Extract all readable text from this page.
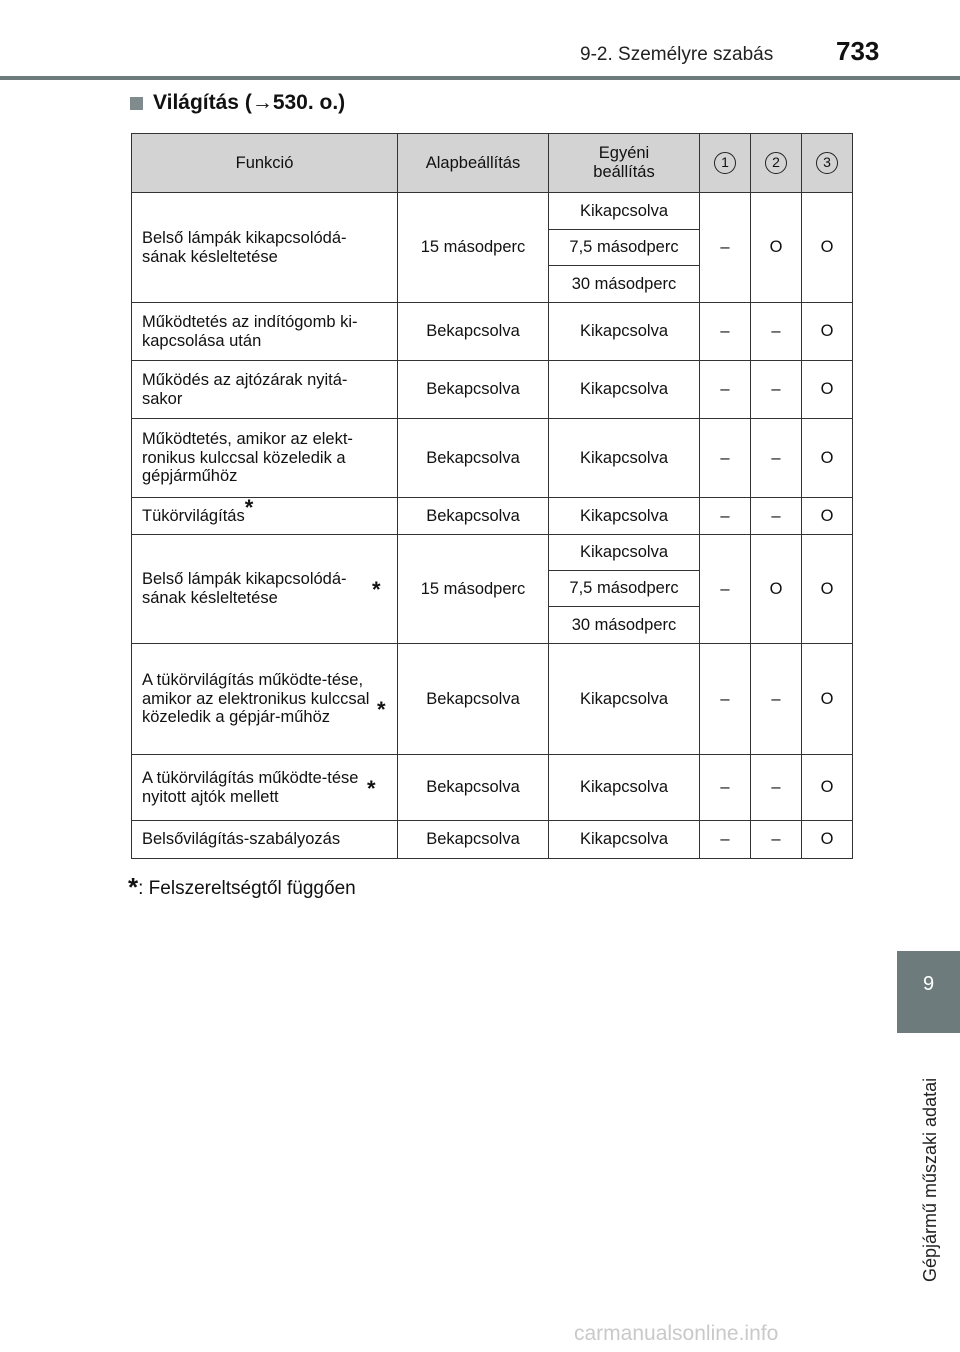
9-2. Személyre szabás 733
Világítás (→530. o.)
Funkció	Alapbeállítás	Egyéni beállítás	1	2	3
Belső lámpák kikapcsolódá-sának késleltetése	15 másodperc	Kikapcsolva	–	O	O
		7,5 másodperc			
		30 másodperc			
Működtetés az indítógomb ki-kapcsolása után	Bekapcsolva	Kikapcsolva	–	–	O
Működés az ajtózárak nyitá-sakor	Bekapcsolva	Kikapcsolva	–	–	O
Működtetés, amikor az elekt-ronikus kulccsal közeledik a gépjárműhöz	Bekapcsolva	Kikapcsolva	–	–	O
Tükörvilágítás*	Bekapcsolva	Kikapcsolva	–	–	O
Belső lámpák kikapcsolódá-sának késleltetése *	15 másodperc	Kikapcsolva	–	O	O
		7,5 másodperc			
		30 másodperc			
A tükörvilágítás működte-tése, amikor az elektronikus kulccsal közeledik a gépjár-műhöz *	Bekapcsolva	Kikapcsolva	–	–	O
A tükörvilágítás működte-tése nyitott ajtók mellett *	Bekapcsolva	Kikapcsolva	–	–	O
Belsővilágítás-szabályozás	Bekapcsolva	Kikapcsolva	–	–	O
*: Felszereltségtől függően
9
Gépjármű műszaki adatai
carmanualsonline.info
